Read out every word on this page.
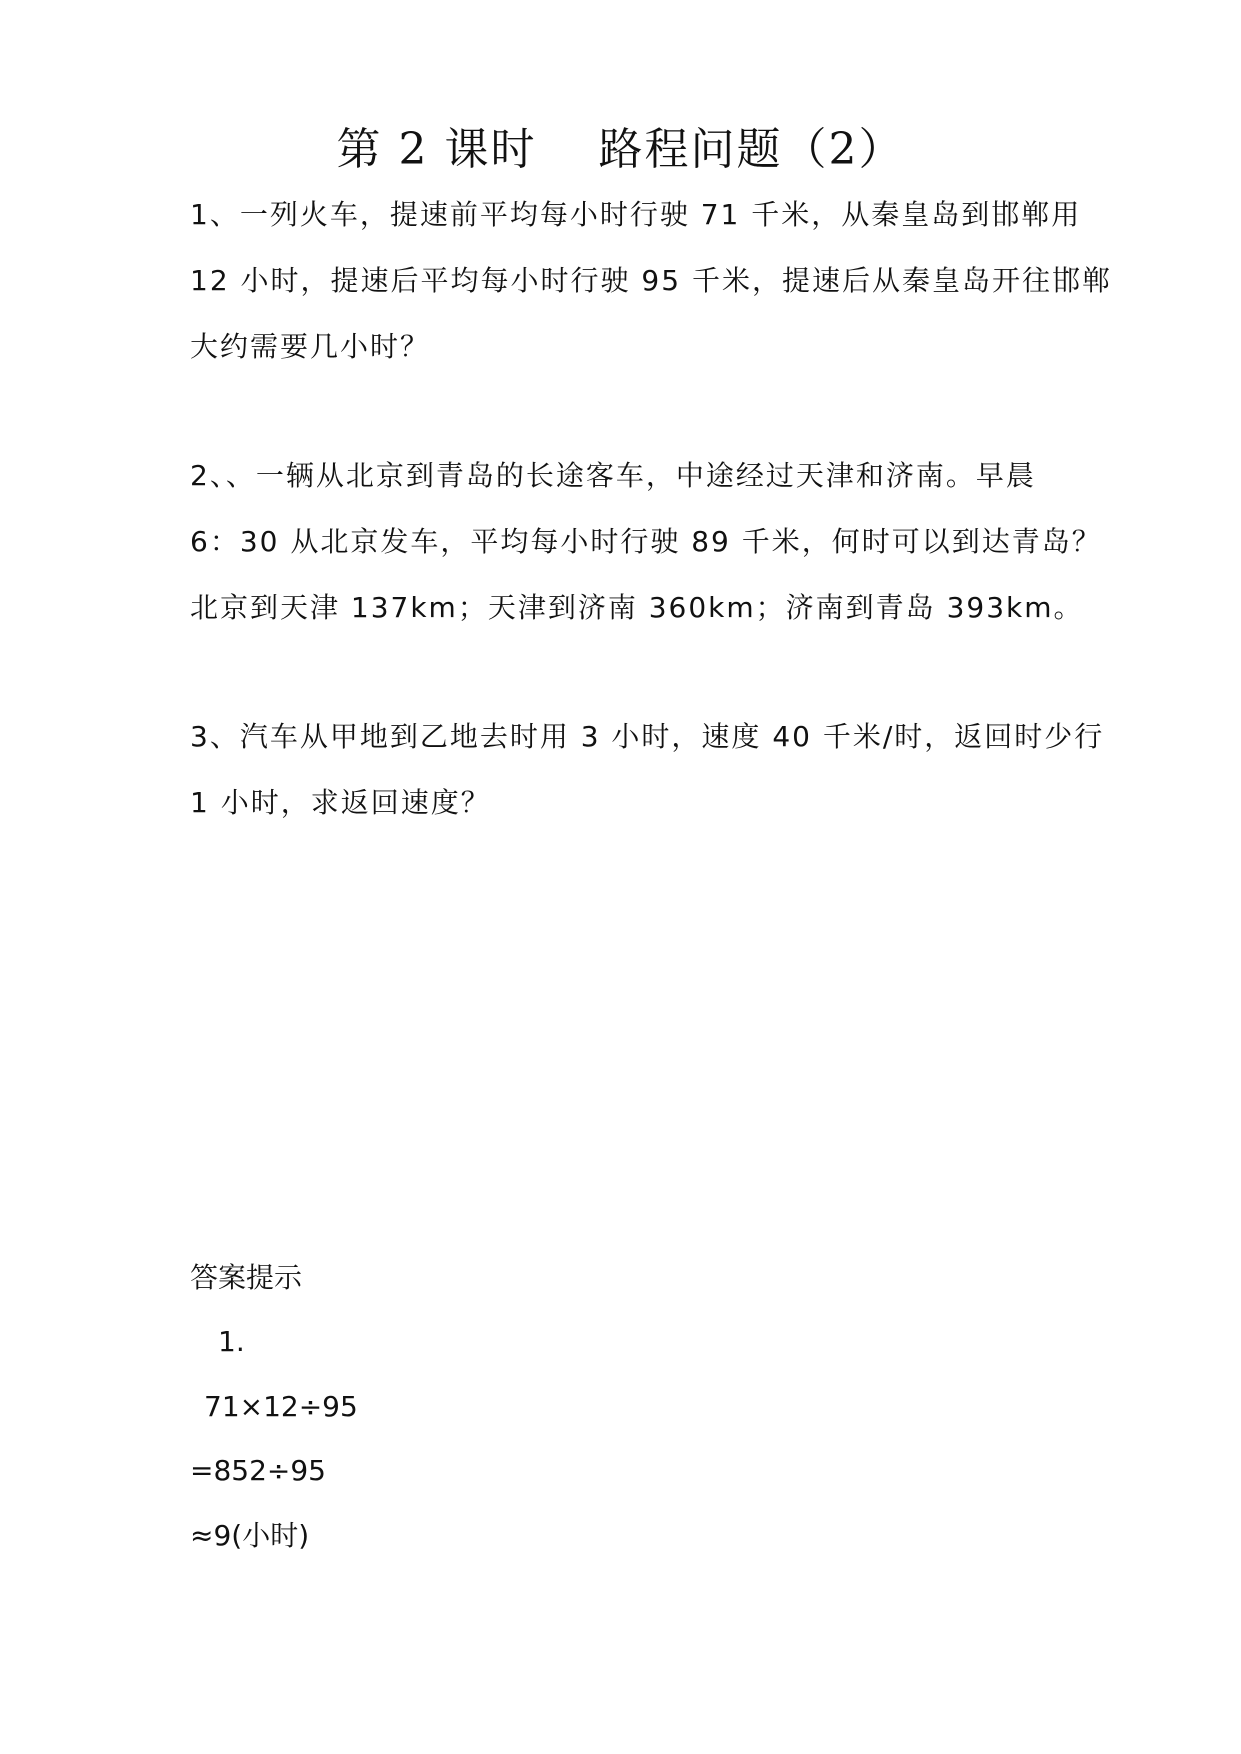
第 2 课时　 路程问题（2）
1、一列火车，提速前平均每小时行驶 71 千米，从秦皇岛到邯郸用
12 小时，提速后平均每小时行驶 95 千米，提速后从秦皇岛开往邯郸
大约需要几小时？
2、、一辆从北京到青岛的长途客车，中途经过天津和济南。早晨
6：30 从北京发车，平均每小时行驶 89 千米，何时可以到达青岛？
北京到天津 137km；天津到济南 360km；济南到青岛 393km。
3、汽车从甲地到乙地去时用 3 小时，速度 40 千米/时，返回时少行
1 小时，求返回速度？
答案提示
1.
71×12÷95
=852÷95
≈9(小时)
